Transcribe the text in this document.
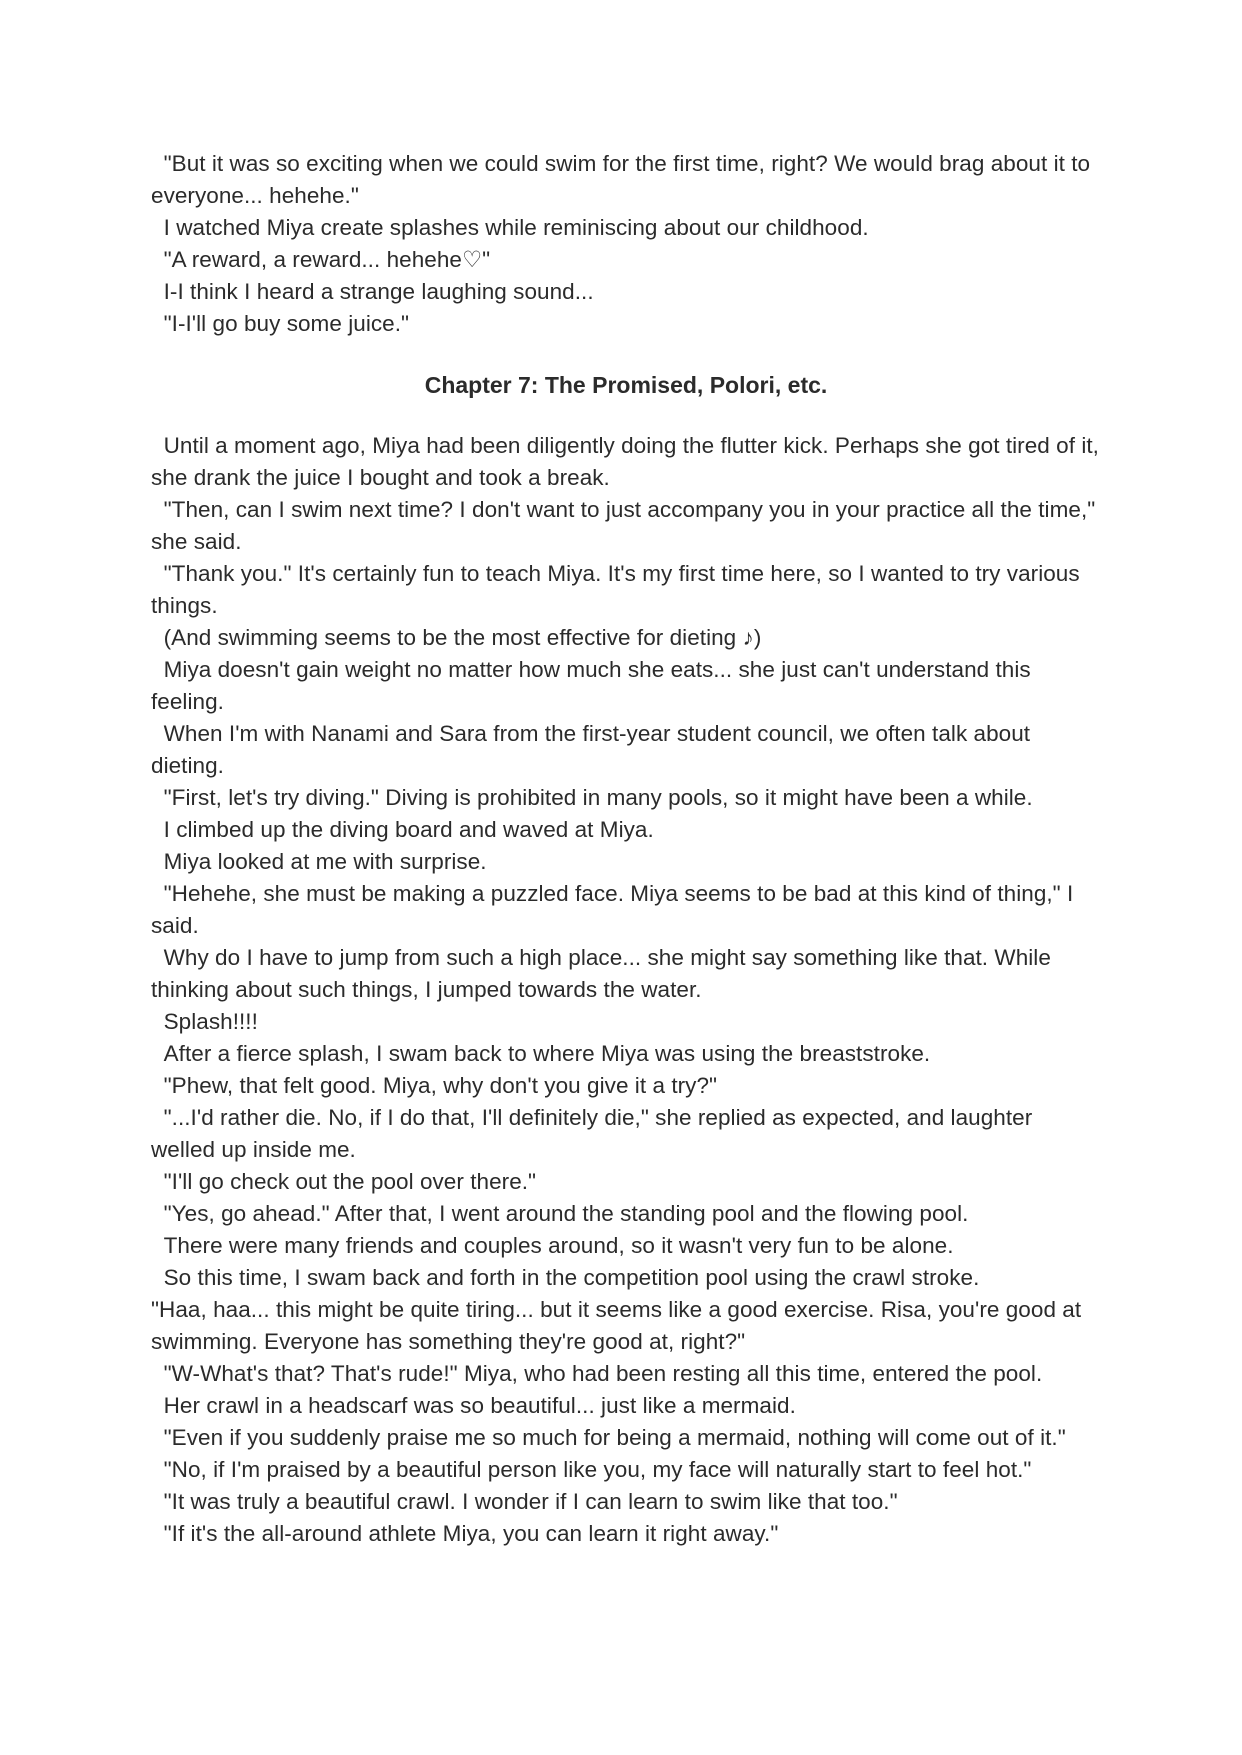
"But it was so exciting when we could swim for the first time, right? We would brag about it to everyone... hehehe."

I watched Miya create splashes while reminiscing about our childhood.

"A reward, a reward... hehehe♡"

I-I think I heard a strange laughing sound...

"I-I'll go buy some juice."

Chapter 7: The Promised, Polori, etc.

Until a moment ago, Miya had been diligently doing the flutter kick. Perhaps she got tired of it, she drank the juice I bought and took a break.

"Then, can I swim next time? I don't want to just accompany you in your practice all the time," she said.

"Thank you." It's certainly fun to teach Miya. It's my first time here, so I wanted to try various things.

(And swimming seems to be the most effective for dieting ♪)

Miya doesn't gain weight no matter how much she eats... she just can't understand this feeling.

When I'm with Nanami and Sara from the first-year student council, we often talk about dieting.

"First, let's try diving." Diving is prohibited in many pools, so it might have been a while.

I climbed up the diving board and waved at Miya.

Miya looked at me with surprise.

"Hehehe, she must be making a puzzled face. Miya seems to be bad at this kind of thing," I said.

Why do I have to jump from such a high place... she might say something like that. While thinking about such things, I jumped towards the water.

Splash!!!!

After a fierce splash, I swam back to where Miya was using the breaststroke.

"Phew, that felt good. Miya, why don't you give it a try?"

"...I'd rather die. No, if I do that, I'll definitely die," she replied as expected, and laughter welled up inside me.

"I'll go check out the pool over there."

"Yes, go ahead." After that, I went around the standing pool and the flowing pool.

There were many friends and couples around, so it wasn't very fun to be alone.

So this time, I swam back and forth in the competition pool using the crawl stroke.

"Haa, haa... this might be quite tiring... but it seems like a good exercise. Risa, you're good at swimming. Everyone has something they're good at, right?"

"W-What's that? That's rude!" Miya, who had been resting all this time, entered the pool.

Her crawl in a headscarf was so beautiful... just like a mermaid.

"Even if you suddenly praise me so much for being a mermaid, nothing will come out of it."

"No, if I'm praised by a beautiful person like you, my face will naturally start to feel hot."

"It was truly a beautiful crawl. I wonder if I can learn to swim like that too."

"If it's the all-around athlete Miya, you can learn it right away."
